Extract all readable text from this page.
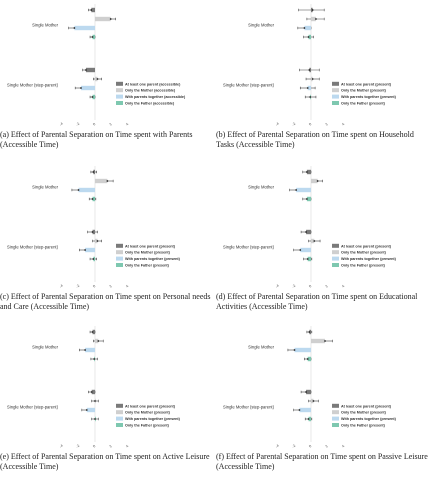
-4	-2	0	2	4
Single Mother
Single Mother (step-parent)	At least one parent (accessible)
Only the Mother (accessible)
With parents together (accessible)
Only the Father (accessible)
(a) Effect of Parental Separation on Time spent with Parents (Accessible Time)
-4	-2	0	2	4
Single Mother
Single Mother (step-parent)	At least one parent (present)
Only the Mother (present)
With parents together (present)
Only the Father (present)
(b) Effect of Parental Separation on Time spent on Household Tasks (Accessible Time)
-4	-2	0	2	4
Single Mother
Single Mother (step-parent)	At least one parent (present)
Only the Mother (present)
With parents together (present)
Only the Father (present)
(c) Effect of Parental Separation on Time spent on Personal needs and Care (Accessible Time)
-4	-2	0	2	4
Single Mother
Single Mother (step-parent)	At least one parent (present)
Only the Mother (present)
With parents together (present)
Only the Father (present)
(d) Effect of Parental Separation on Time spent on Educational Activities (Accessible Time)
-4	-2	0	2	4
Single Mother
Single Mother (step-parent)	At least one parent (present)
Only the Mother (present)
With parents together (present)
Only the Father (present)
(e) Effect of Parental Separation on Time spent on Active Leisure (Accessible Time)
-4	-2	0	2	4
Single Mother
Single Mother (step-parent)	At least one parent (present)
Only the Mother (present)
With parents together (present)
Only the Father (present)
(f) Effect of Parental Separation on Time spent on Passive Leisure (Accessible Time)
